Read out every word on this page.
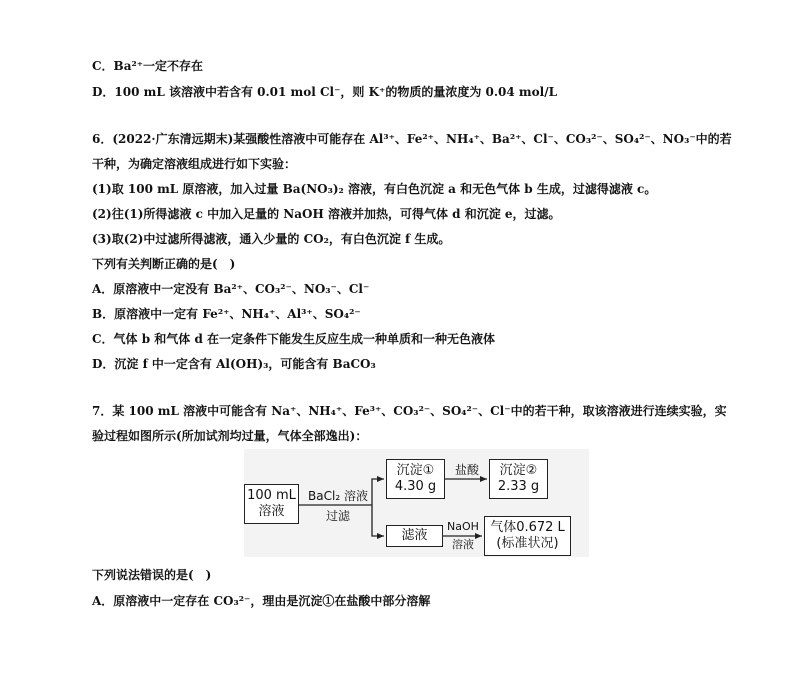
C．Ba²⁺一定不存在
D．100 mL 该溶液中若含有 0.01 mol Cl⁻，则 K⁺的物质的量浓度为 0.04 mol/L
6．(2022·广东清远期末)某强酸性溶液中可能存在 Al³⁺、Fe²⁺、NH₄⁺、Ba²⁺、Cl⁻、CO₃²⁻、SO₄²⁻、NO₃⁻中的若
干种，为确定溶液组成进行如下实验：
(1)取 100 mL 原溶液，加入过量 Ba(NO₃)₂ 溶液，有白色沉淀 a 和无色气体 b 生成，过滤得滤液 c。
(2)往(1)所得滤液 c 中加入足量的 NaOH 溶液并加热，可得气体 d 和沉淀 e，过滤。
(3)取(2)中过滤所得滤液，通入少量的 CO₂，有白色沉淀 f 生成。
下列有关判断正确的是(　)
A．原溶液中一定没有 Ba²⁺、CO₃²⁻、NO₃⁻、Cl⁻
B．原溶液中一定有 Fe²⁺、NH₄⁺、Al³⁺、SO₄²⁻
C．气体 b 和气体 d 在一定条件下能发生反应生成一种单质和一种无色液体
D．沉淀 f 中一定含有 Al(OH)₃，可能含有 BaCO₃
7．某 100 mL 溶液中可能含有 Na⁺、NH₄⁺、Fe³⁺、CO₃²⁻、SO₄²⁻、Cl⁻中的若干种，取该溶液进行连续实验，实
验过程如图所示(所加试剂均过量，气体全部逸出)：
100 mL
溶液
BaCl₂ 溶液
过滤
沉淀①
4.30 g
盐酸	沉淀②
2.33 g
滤液
NaOH
溶液
气体0.672 L
(标准状况)
下列说法错误的是(　)
A．原溶液中一定存在 CO₃²⁻，理由是沉淀①在盐酸中部分溶解
